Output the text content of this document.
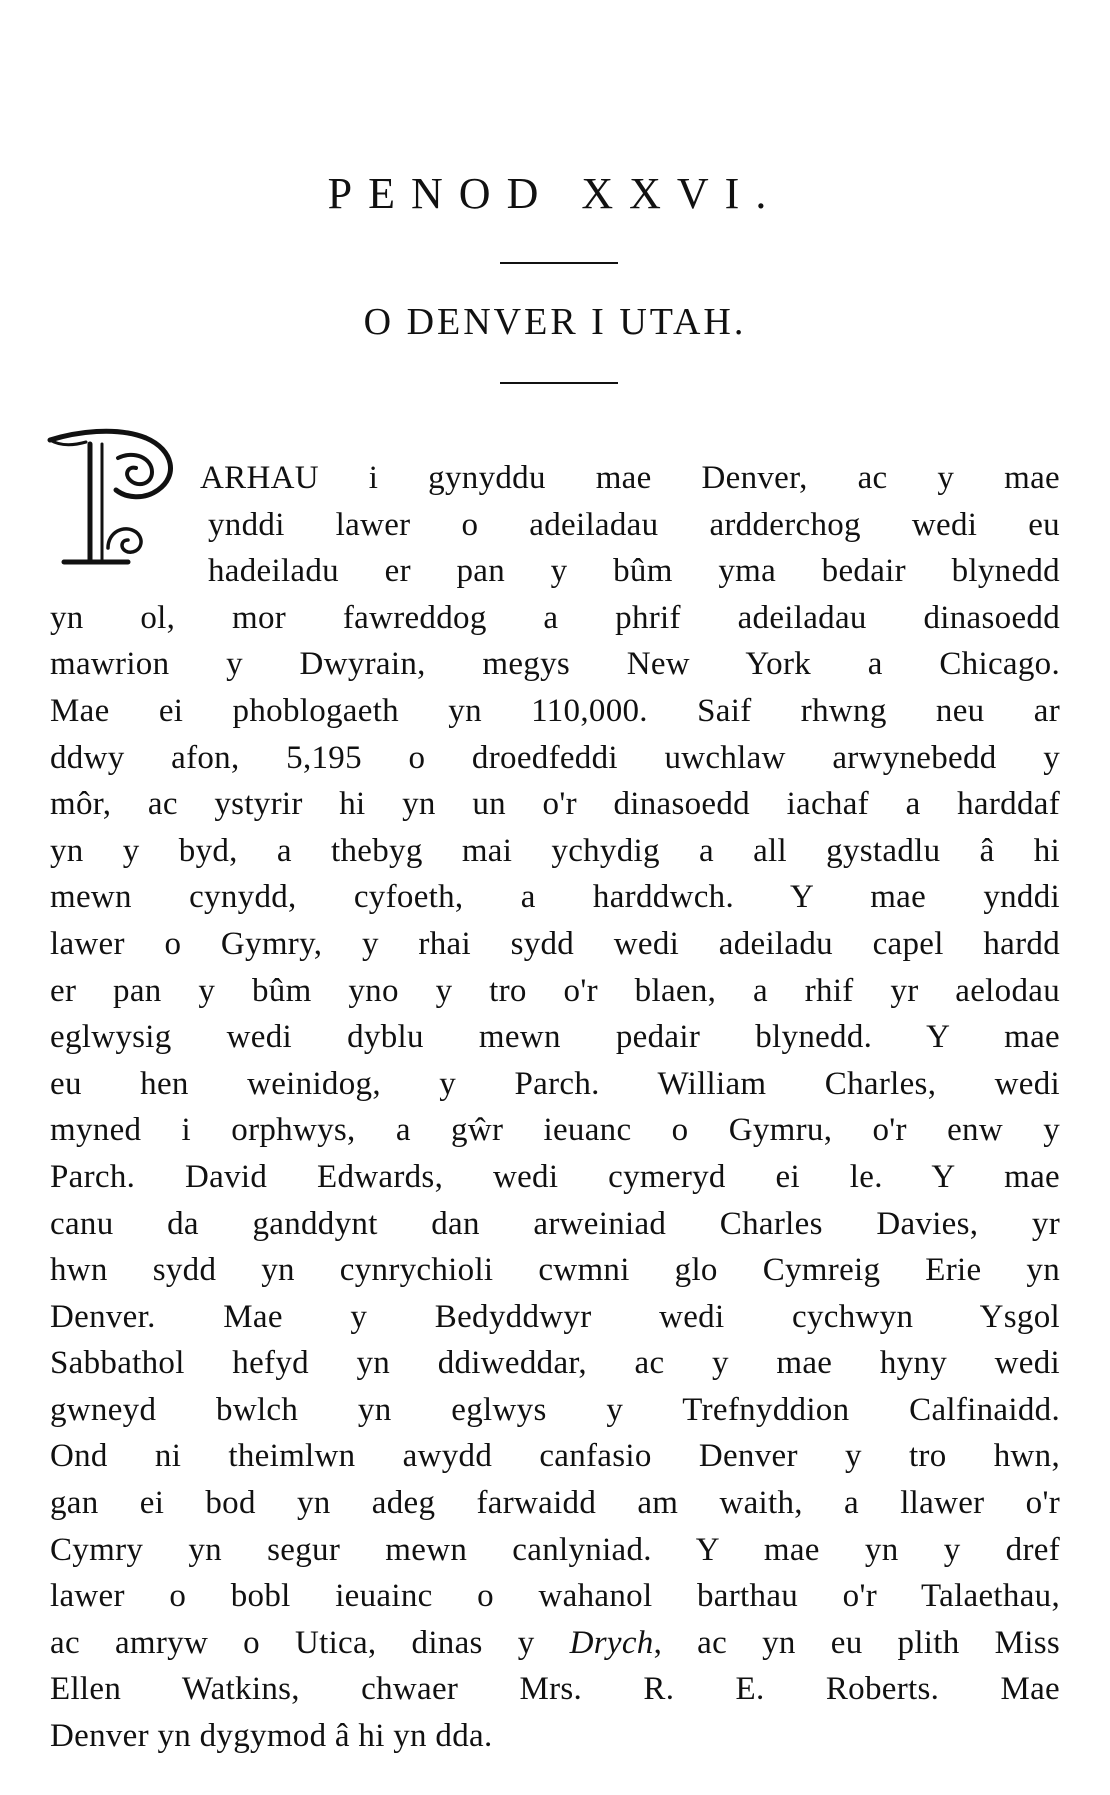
PENOD XXVI.
O DENVER I UTAH.
ARHAU i gynyddu mae Denver, ac y mae
ynddi lawer o adeiladau ardderchog wedi eu
hadeiladu er pan y bûm yma bedair blynedd
yn ol, mor fawreddog a phrif adeiladau dinasoedd
mawrion y Dwyrain, megys New York a Chicago.
Mae ei phoblogaeth yn 110,000. Saif rhwng neu ar
ddwy afon, 5,195 o droedfeddi uwchlaw arwynebedd y
môr, ac ystyrir hi yn un o'r dinasoedd iachaf a harddaf
yn y byd, a thebyg mai ychydig a all gystadlu â hi
mewn cynydd, cyfoeth, a harddwch. Y mae ynddi
lawer o Gymry, y rhai sydd wedi adeiladu capel hardd
er pan y bûm yno y tro o'r blaen, a rhif yr aelodau
eglwysig wedi dyblu mewn pedair blynedd. Y mae
eu hen weinidog, y Parch. William Charles, wedi
myned i orphwys, a gŵr ieuanc o Gymru, o'r enw y
Parch. David Edwards, wedi cymeryd ei le. Y mae
canu da ganddynt dan arweiniad Charles Davies, yr
hwn sydd yn cynrychioli cwmni glo Cymreig Erie yn
Denver. Mae y Bedyddwyr wedi cychwyn Ysgol
Sabbathol hefyd yn ddiweddar, ac y mae hyny wedi
gwneyd bwlch yn eglwys y Trefnyddion Calfinaidd.
Ond ni theimlwn awydd canfasio Denver y tro hwn,
gan ei bod yn adeg farwaidd am waith, a llawer o'r
Cymry yn segur mewn canlyniad. Y mae yn y dref
lawer o bobl ieuainc o wahanol barthau o'r Talaethau,
ac amryw o Utica, dinas y Drych, ac yn eu plith Miss
Ellen Watkins, chwaer Mrs. R. E. Roberts. Mae
Denver yn dygymod â hi yn dda.
